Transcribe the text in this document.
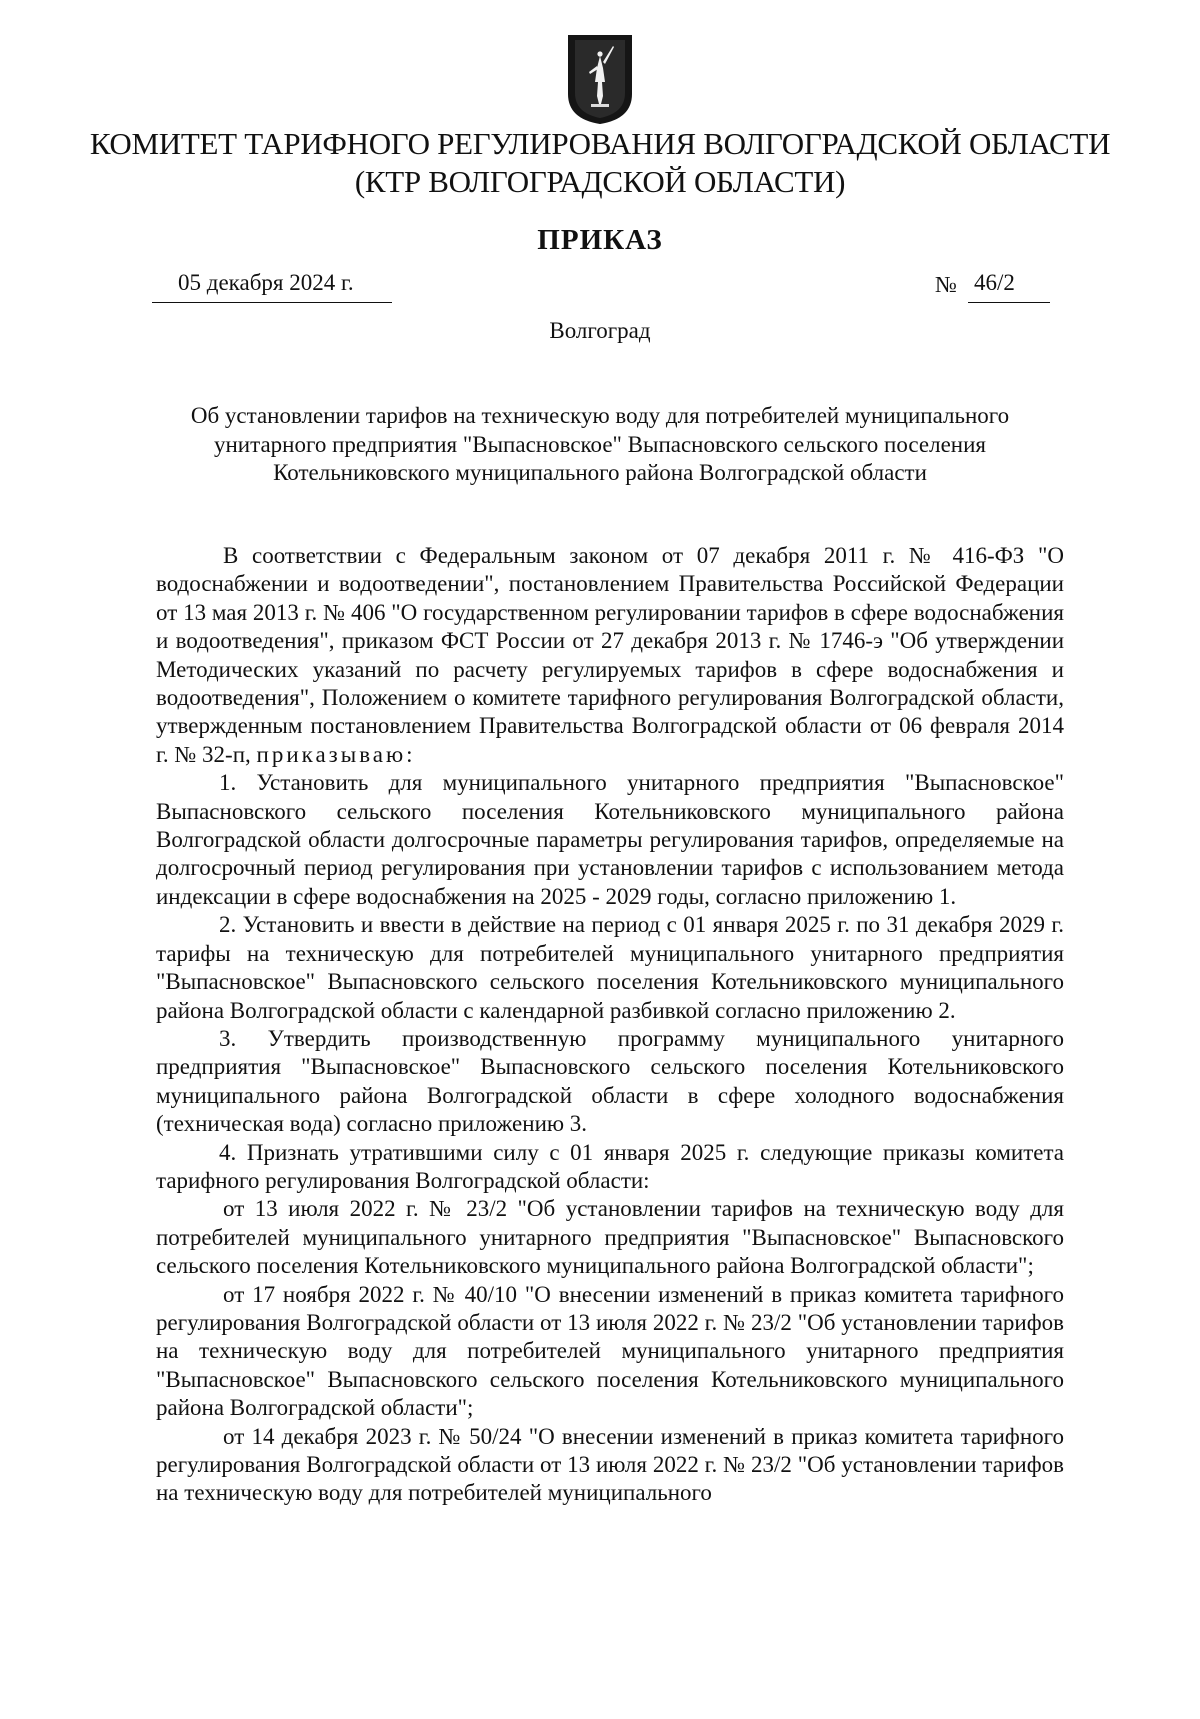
КОМИТЕТ ТАРИФНОГО РЕГУЛИРОВАНИЯ ВОЛГОГРАДСКОЙ ОБЛАСТИ
(КТР ВОЛГОГРАДСКОЙ ОБЛАСТИ)
ПРИКАЗ
05 декабря 2024 г.	№ 46/2
Волгоград
Об установлении тарифов на техническую воду для потребителей муниципального
унитарного предприятия "Выпасновское" Выпасновского сельского поселения
Котельниковского муниципального района Волгоградской области

В соответствии с Федеральным законом от 07 декабря 2011 г. № 416-ФЗ "О водоснабжении и водоотведении", постановлением Правительства Российской Федерации от 13 мая 2013 г. № 406 "О государственном регулировании тарифов в сфере водоснабжения и водоотведения", приказом ФСТ России от 27 декабря 2013 г. № 1746-э "Об утверждении Методических указаний по расчету регулируемых тарифов в сфере водоснабжения и водоотведения", Положением о комитете тарифного регулирования Волгоградской области, утвержденным постановлением Правительства Волгоградской области от 06 февраля 2014 г. № 32-п, приказываю:

1. Установить для муниципального унитарного предприятия "Выпасновское" Выпасновского сельского поселения Котельниковского муниципального района Волгоградской области долгосрочные параметры регулирования тарифов, определяемые на долгосрочный период регулирования при установлении тарифов с использованием метода индексации в сфере водоснабжения на 2025 - 2029 годы, согласно приложению 1.

2. Установить и ввести в действие на период с 01 января 2025 г. по 31 декабря 2029 г. тарифы на техническую для потребителей муниципального унитарного предприятия "Выпасновское" Выпасновского сельского поселения Котельниковского муниципального района Волгоградской области с календарной разбивкой согласно приложению 2.

3. Утвердить производственную программу муниципального унитарного предприятия "Выпасновское" Выпасновского сельского поселения Котельниковского муниципального района Волгоградской области в сфере холодного водоснабжения (техническая вода) согласно приложению 3.

4. Признать утратившими силу с 01 января 2025 г. следующие приказы комитета тарифного регулирования Волгоградской области:

от 13 июля 2022 г. № 23/2 "Об установлении тарифов на техническую воду для потребителей муниципального унитарного предприятия "Выпасновское" Выпасновского сельского поселения Котельниковского муниципального района Волгоградской области";

от 17 ноября 2022 г. № 40/10 "О внесении изменений в приказ комитета тарифного регулирования Волгоградской области от 13 июля 2022 г. № 23/2 "Об установлении тарифов на техническую воду для потребителей муниципального унитарного предприятия "Выпасновское" Выпасновского сельского поселения Котельниковского муниципального района Волгоградской области";

от 14 декабря 2023 г. № 50/24 "О внесении изменений в приказ комитета тарифного регулирования Волгоградской области от 13 июля 2022 г. № 23/2 "Об установлении тарифов на техническую воду для потребителей муниципального
